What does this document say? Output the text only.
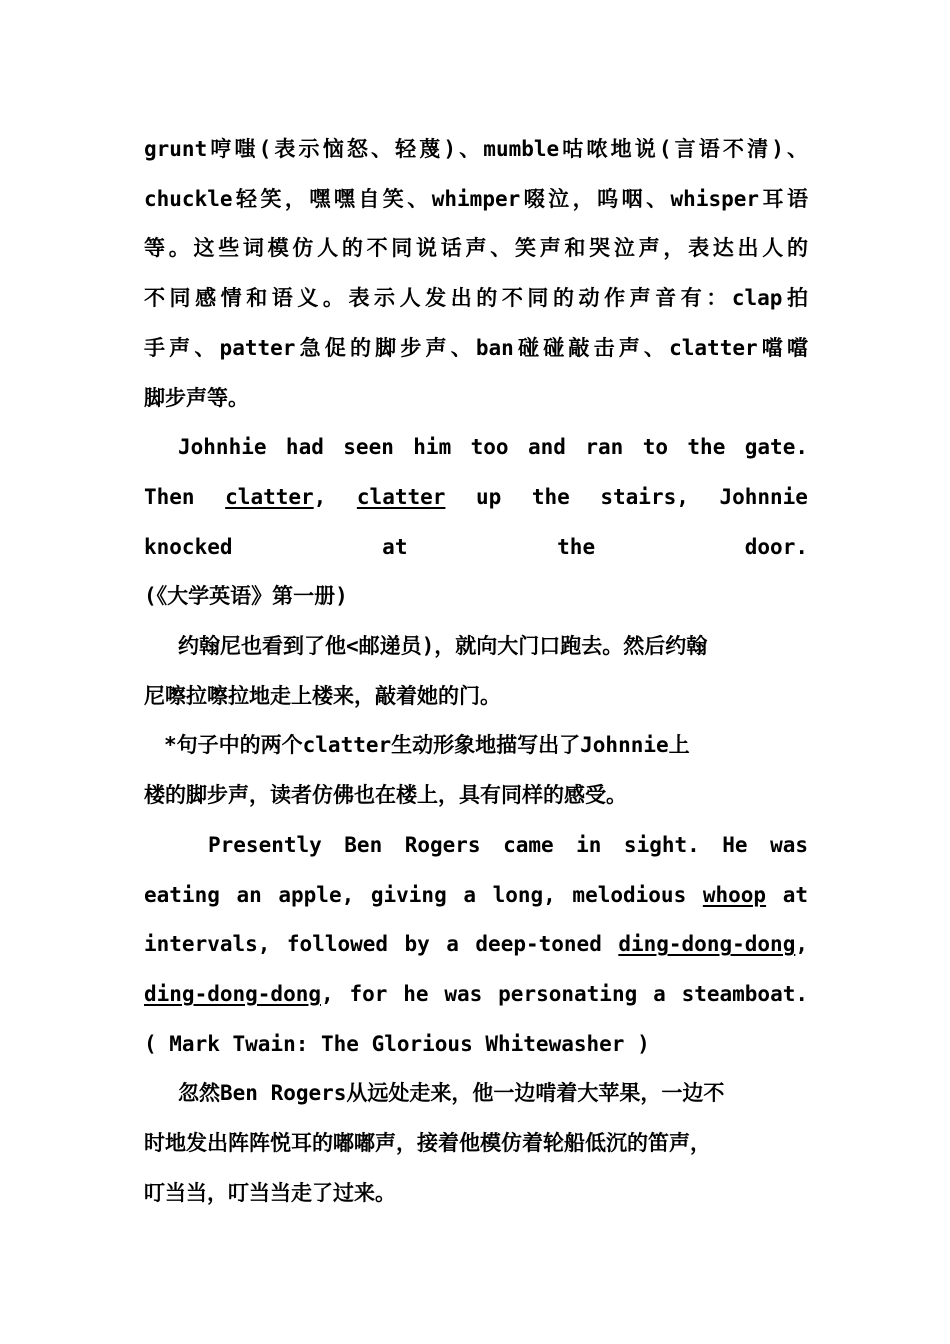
grunt哼嗤(表示恼怒、轻蔑)、mumble咕哝地说(言语不清)、

chuckle轻笑，嘿嘿自笑、whimper啜泣，呜咽、whisper耳语

等。这些词模仿人的不同说话声、笑声和哭泣声，表达出人的

不同感情和语义。表示人发出的不同的动作声音有：clap拍

手声、patter急促的脚步声、ban碰碰敲击声、clatter噹噹

脚步声等。

Johnhie had seen him too and ran to the gate.

Then clatter, clatter up the stairs, Johnnie

knocked at the door.

(《大学英语》第一册)

约翰尼也看到了他<邮递员)，就向大门口跑去。然后约翰

尼嚓拉嚓拉地走上楼来，敲着她的门。

*句子中的两个clatter生动形象地描写出了Johnnie上

楼的脚步声，读者仿佛也在楼上，具有同样的感受。

Presently Ben Rogers came in sight. He was

eating an apple, giving a long, melodious whoop at

intervals, followed by a deep-toned ding-dong-dong,

ding-dong-dong, for he was personating a steamboat.

( Mark Twain: The Glorious Whitewasher )

忽然Ben Rogers从远处走来，他一边啃着大苹果，一边不

时地发出阵阵悦耳的嘟嘟声，接着他模仿着轮船低沉的笛声，

叮当当，叮当当走了过来。
